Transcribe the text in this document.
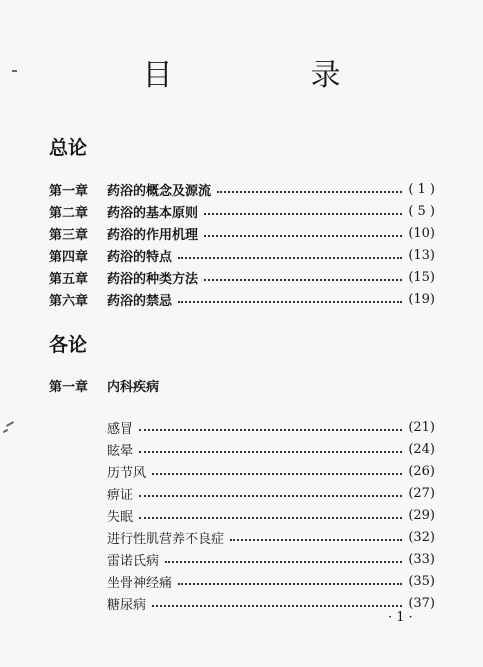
目　录
总论
第一章	药浴的概念及源流	( 1 )
第二章	药浴的基本原则	( 5 )
第三章	药浴的作用机理	(10)
第四章	药浴的特点	(13)
第五章	药浴的种类方法	(15)
第六章	药浴的禁忌	(19)
各论
第一章	内科疾病
感冒	(21)
眩晕	(24)
历节风	(26)
痹证	(27)
失眠	(29)
进行性肌营养不良症	(32)
雷诺氏病	(33)
坐骨神经痛	(35)
糖尿病	(37)
· 1 ·
